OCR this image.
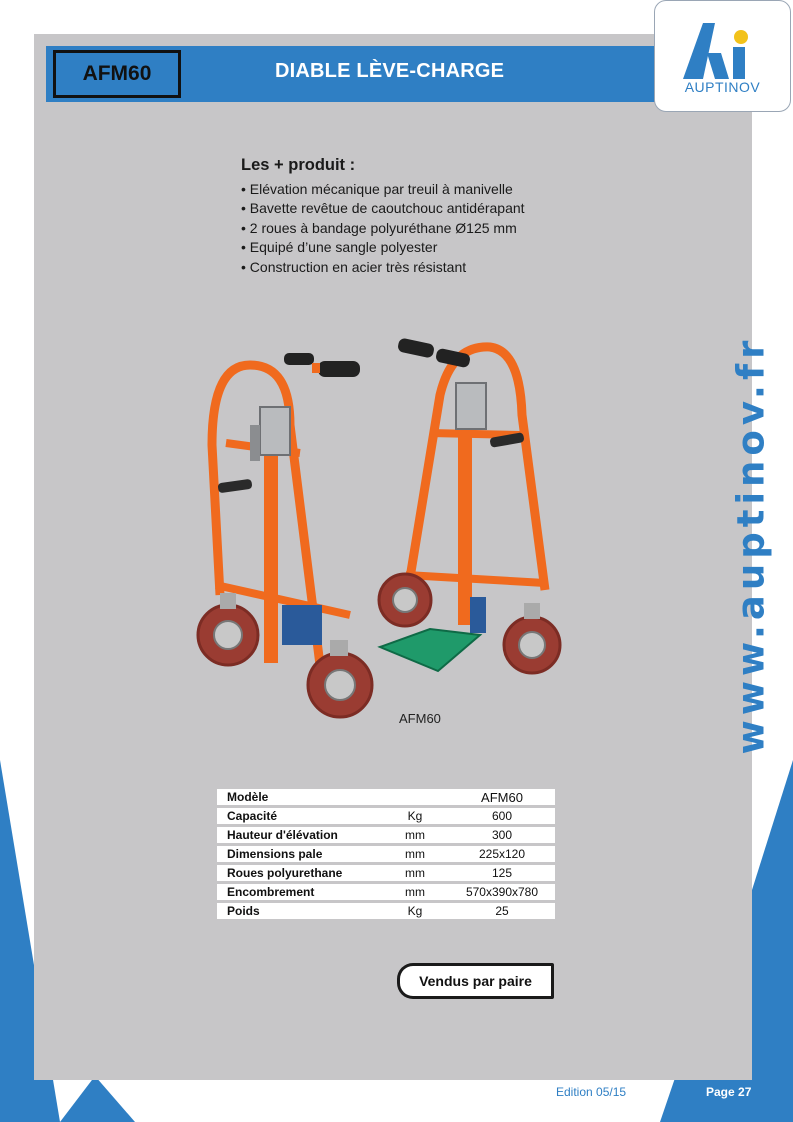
AFM60	DIABLE LÈVE-CHARGE
AUPTINOV
Les + produit :
• Elévation mécanique par treuil à manivelle
• Bavette revêtue de caoutchouc antidérapant
• 2 roues à bandage polyuréthane Ø125 mm
• Equipé d’une sangle polyester
• Construction en acier très résistant
AFM60
Modèle		AFM60
Capacité	Kg	600
Hauteur d'élévation	mm	300
Dimensions pale	mm	225x120
Roues polyurethane	mm	125
Encombrement	mm	570x390x780
Poids	Kg	25
Vendus par paire
www.auptinov.fr
Edition 05/15	Page 27
